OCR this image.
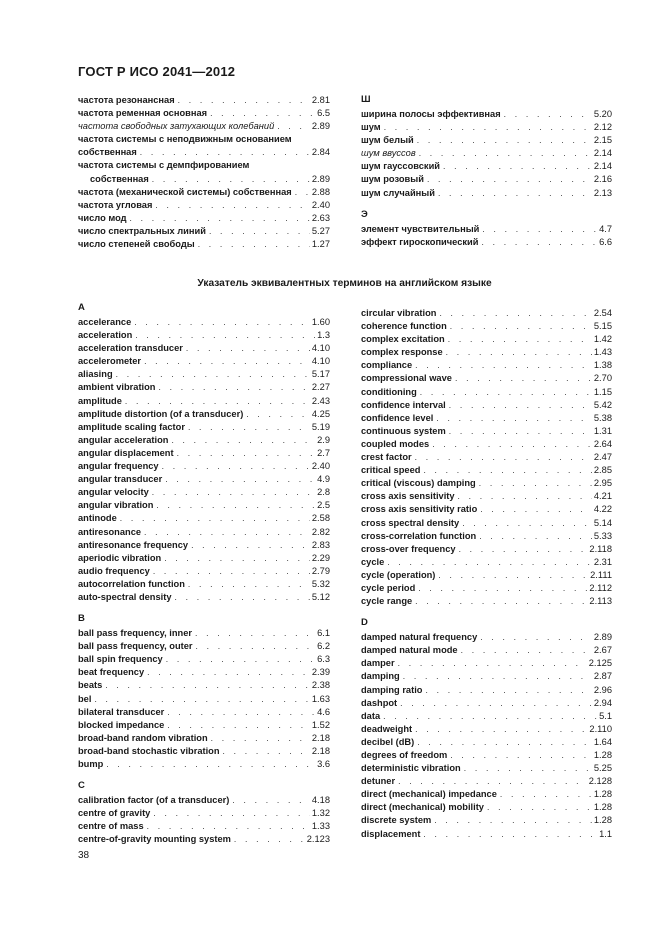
ГОСТ Р ИСО 2041—2012
частота резонансная . . .	2.81
частота ременная основная . . .	6.5
частота свободных затухающих колебаний . . .	2.89
частота системы с неподвижным основанием
собственная . . .	2.84
частота системы с демпфированием
собственная . . .	2.89
частота (механической системы) собственная . . .	2.88
частота угловая . . .	2.40
число мод . . .	2.63
число спектральных линий . . .	5.27
число степеней свободы . . .	1.27
Ш
ширина полосы эффективная . . .	5.20
шум . . .	2.12
шум белый . . .	2.15
шум ввуссов . . .	2.14
шум гауссовский . . .	2.14
шум розовый . . .	2.16
шум случайный . . .	2.13
Э
элемент чувствительный . . .	4.7
эффект гироскопический . . .	6.6
Указатель эквивалентных терминов на английском языке
A
accelerance . . .	1.60
acceleration . . .	1.3
acceleration transducer . . .	4.10
accelerometer . . .	4.10
aliasing . . .	5.17
ambient vibration . . .	2.27
amplitude . . .	2.43
amplitude distortion (of a transducer) . . .	4.25
amplitude scaling factor . . .	5.19
angular acceleration . . .	2.9
angular displacement . . .	2.7
angular frequency . . .	2.40
angular transducer . . .	4.9
angular velocity . . .	2.8
angular vibration . . .	2.5
antinode . . .	2.58
antiresonance . . .	2.82
antiresonance frequency . . .	2.83
aperiodic vibration . . .	2.29
audio frequency . . .	2.79
autocorrelation function . . .	5.32
auto-spectral density . . .	5.12
B
ball pass frequency, inner . . .	6.1
ball pass frequency, outer . . .	6.2
ball spin frequency . . .	6.3
beat frequency . . .	2.39
beats . . .	2.38
bel . . .	1.63
bilateral transducer . . .	4.6
blocked impedance . . .	1.52
broad-band random vibration . . .	2.18
broad-band stochastic vibration . . .	2.18
bump . . .	3.6
C
calibration factor (of a transducer) . . .	4.18
centre of gravity . . .	1.32
centre of mass . . .	1.33
centre-of-gravity mounting system . . .	2.123
circular vibration . . .	2.54
coherence function . . .	5.15
complex excitation . . .	1.42
complex response . . .	1.43
compliance . . .	1.38
compressional wave . . .	2.70
conditioning . . .	1.15
confidence interval . . .	5.42
confidence level . . .	5.38
continuous system . . .	1.31
coupled modes . . .	2.64
crest factor . . .	2.47
critical speed . . .	2.85
critical (viscous) damping . . .	2.95
cross axis sensitivity . . .	4.21
cross axis sensitivity ratio . . .	4.22
cross spectral density . . .	5.14
cross-correlation function . . .	5.33
cross-over frequency . . .	2.118
cycle . . .	2.31
cycle (operation) . . .	2.111
cycle period . . .	2.112
cycle range . . .	2.113
D
damped natural frequency . . .	2.89
damped natural mode . . .	2.67
damper . . .	2.125
damping . . .	2.87
damping ratio . . .	2.96
dashpot . . .	2.94
data . . .	5.1
deadweight . . .	2.110
decibel (dB) . . .	1.64
degrees of freedom . . .	1.28
deterministic vibration . . .	5.25
detuner . . .	2.128
direct (mechanical) impedance . . .	1.28
direct (mechanical) mobility . . .	1.28
discrete system . . .	1.28
displacement . . .	1.1
38
